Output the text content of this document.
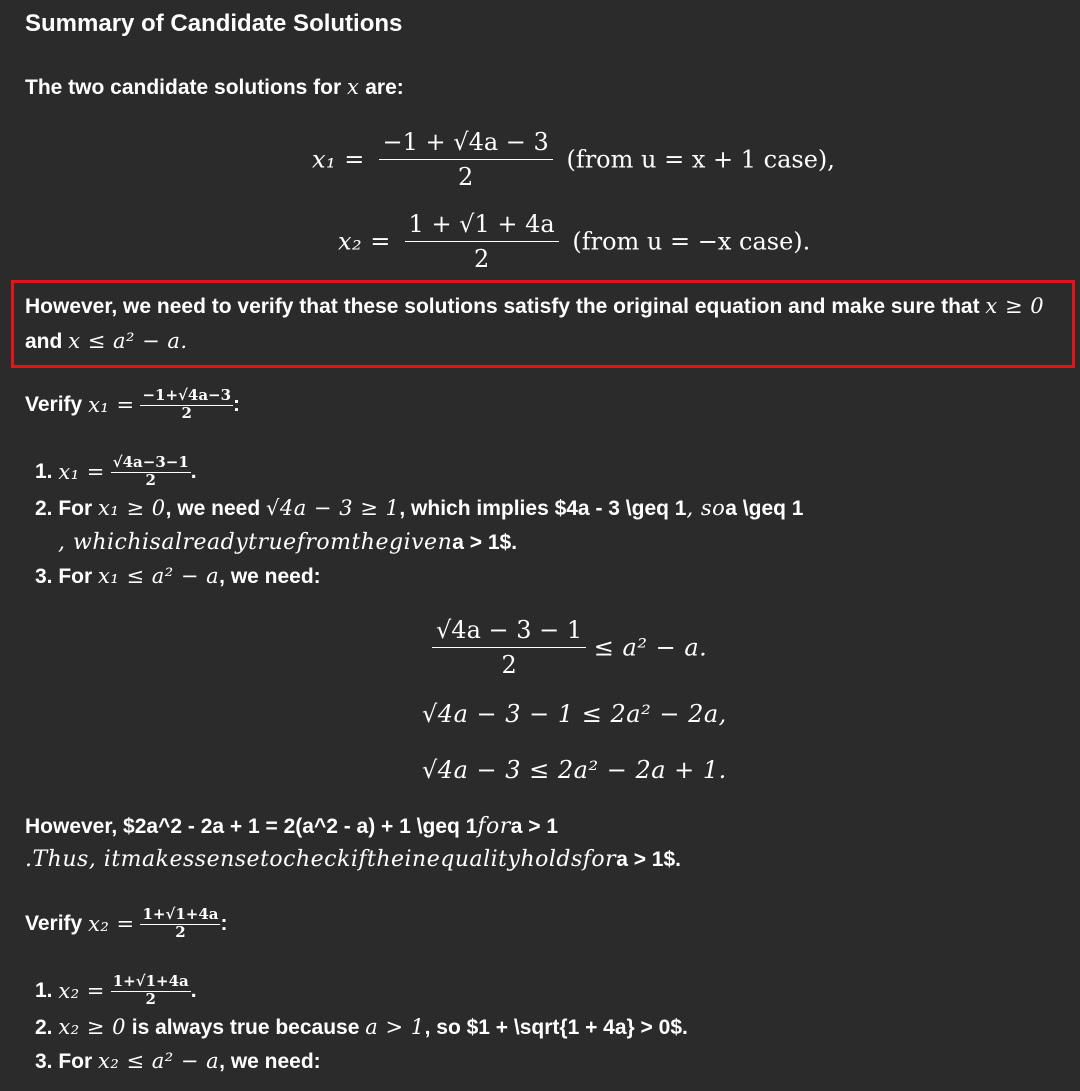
Summary of Candidate Solutions
The two candidate solutions for x are:
$x_1 = \frac{-1 + √4a - 3}{2}$ (from u = x + 1 case),
$x_2 = \frac{1 + √1 + 4a}{2}$ (from u = −x case).
However, we need to verify that these solutions satisfy the original equation and make sure that x ≥ 0
and x ≤ a² − a.
Verify $x_1 = \frac{-1+√4a-3}{2}$ :
1. $x_1 = \frac{√4a-3-1}{2}$ .
2. For x₁ ≥ 0, we need √4a − 3 ≥ 1, which implies $4a - 3 \geq 1, soa \geq 1
, whichisalreadytruefromthegivena > 1$.
3. For x₁ ≤ a² − a, we need:
$\frac{√4a - 3 - 1}{2} \le a^2 - a$.
√4a − 3 − 1 ≤ 2a² − 2a,
√4a − 3 ≤ 2a² − 2a + 1.
However, $2a^2 - 2a + 1 = 2(a^2 - a) + 1 \geq 1fora > 1
.Thus, itmakessensetocheckiftheinequalityholdsfora > 1$.
Verify $x_2 = \frac{1+√1+4a}{2}$ :
1. $x_2 = \frac{1+√1+4a}{2}$ .
2. x₂ ≥ 0 is always true because a > 1, so $1 + \sqrt{1 + 4a} > 0$.
3. For x₂ ≤ a² − a, we need:
